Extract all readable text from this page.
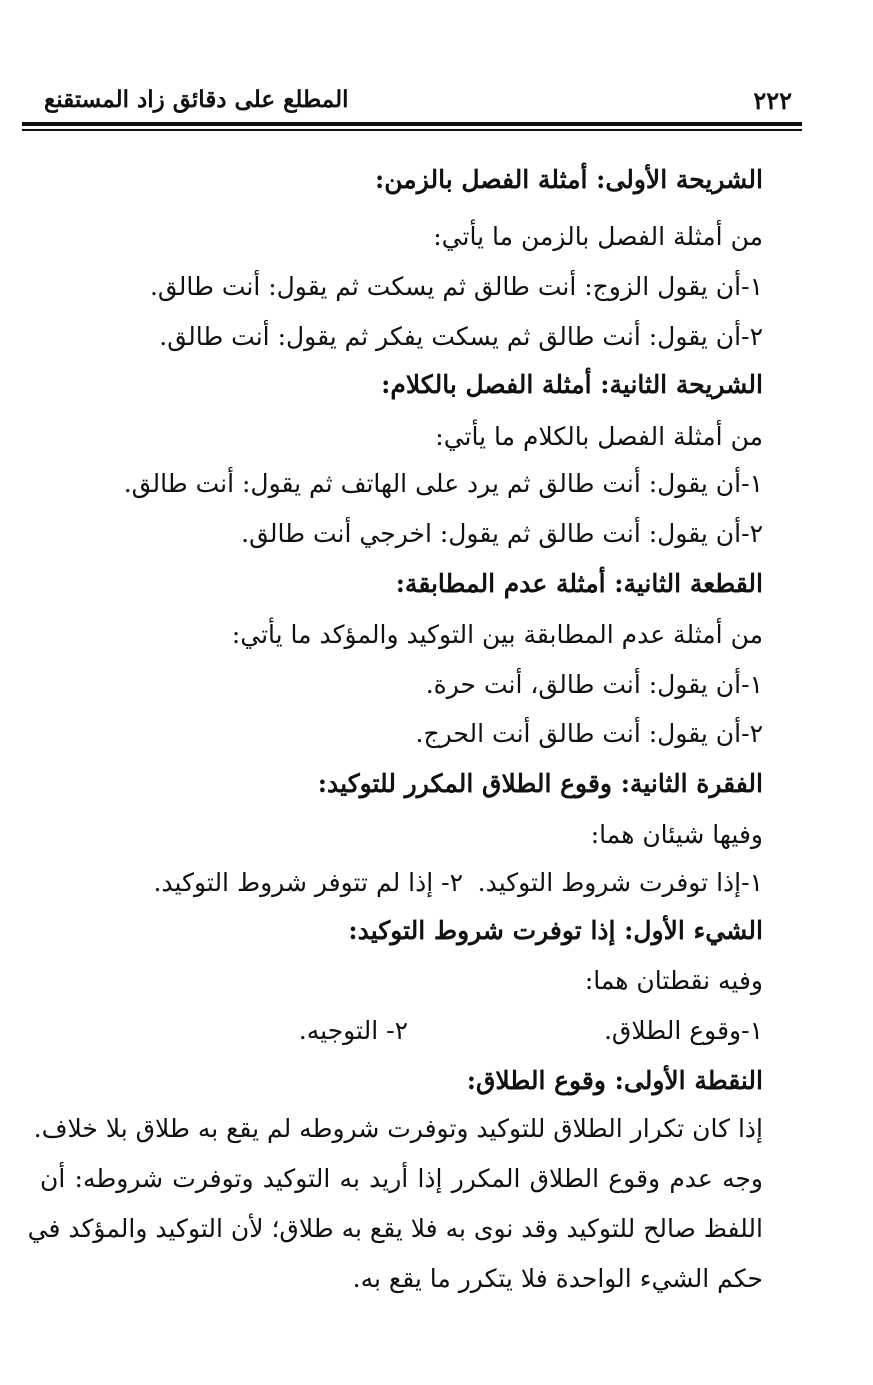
٢٢٢
المطلع على دقائق زاد المستقنع
الشريحة الأولى: أمثلة الفصل بالزمن:
من أمثلة الفصل بالزمن ما يأتي:
١-أن يقول الزوج: أنت طالق ثم يسكت ثم يقول: أنت طالق.
٢-أن يقول: أنت طالق ثم يسكت يفكر ثم يقول: أنت طالق.
الشريحة الثانية: أمثلة الفصل بالكلام:
من أمثلة الفصل بالكلام ما يأتي:
١-أن يقول: أنت طالق ثم يرد على الهاتف ثم يقول: أنت طالق.
٢-أن يقول: أنت طالق ثم يقول: اخرجي أنت طالق.
القطعة الثانية: أمثلة عدم المطابقة:
من أمثلة عدم المطابقة بين التوكيد والمؤكد ما يأتي:
١-أن يقول: أنت طالق، أنت حرة.
٢-أن يقول: أنت طالق أنت الحرج.
الفقرة الثانية: وقوع الطلاق المكرر للتوكيد:
وفيها شيئان هما:
١-إذا توفرت شروط التوكيد.
٢- إذا لم تتوفر شروط التوكيد.
الشيء الأول: إذا توفرت شروط التوكيد:
وفيه نقطتان هما:
١-وقوع الطلاق.
٢- التوجيه.
النقطة الأولى: وقوع الطلاق:
إذا كان تكرار الطلاق للتوكيد وتوفرت شروطه لم يقع به طلاق بلا خلاف.
وجه عدم وقوع الطلاق المكرر إذا أريد به التوكيد وتوفرت شروطه: أن
اللفظ صالح للتوكيد وقد نوى به فلا يقع به طلاق؛ لأن التوكيد والمؤكد في
حكم الشيء الواحدة فلا يتكرر ما يقع به.
